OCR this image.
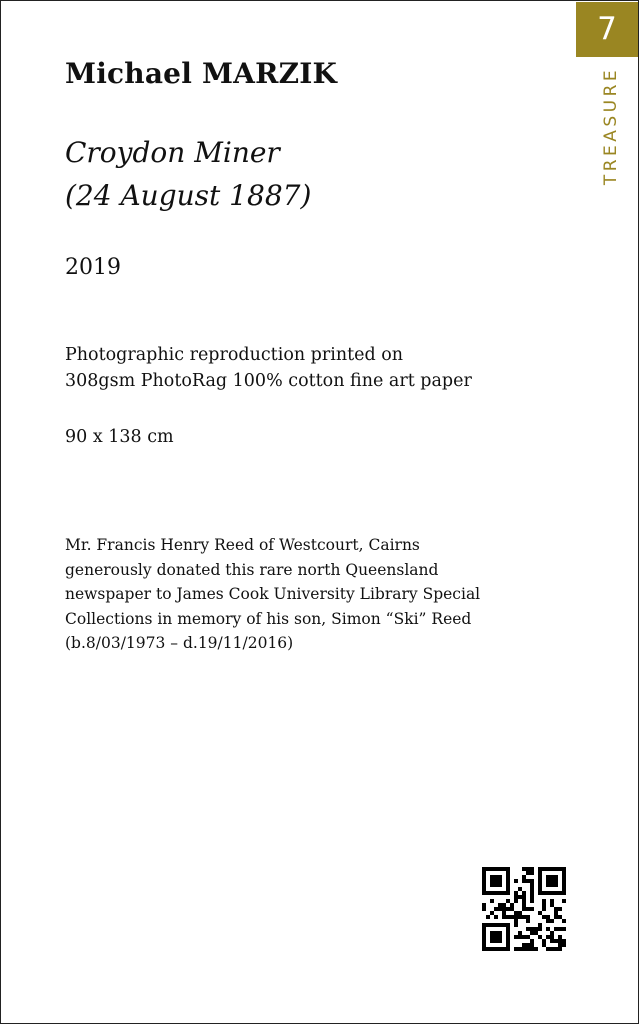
7
TREASURE
Michael MARZIK
Croydon Miner
(24 August 1887)
2019
Photographic reproduction printed on
308gsm PhotoRag 100% cotton fine art paper
90 x 138 cm
Mr. Francis Henry Reed of Westcourt, Cairns
generously donated this rare north Queensland
newspaper to James Cook University Library Special
Collections in memory of his son, Simon “Ski” Reed
(b.8/03/1973 – d.19/11/2016)
